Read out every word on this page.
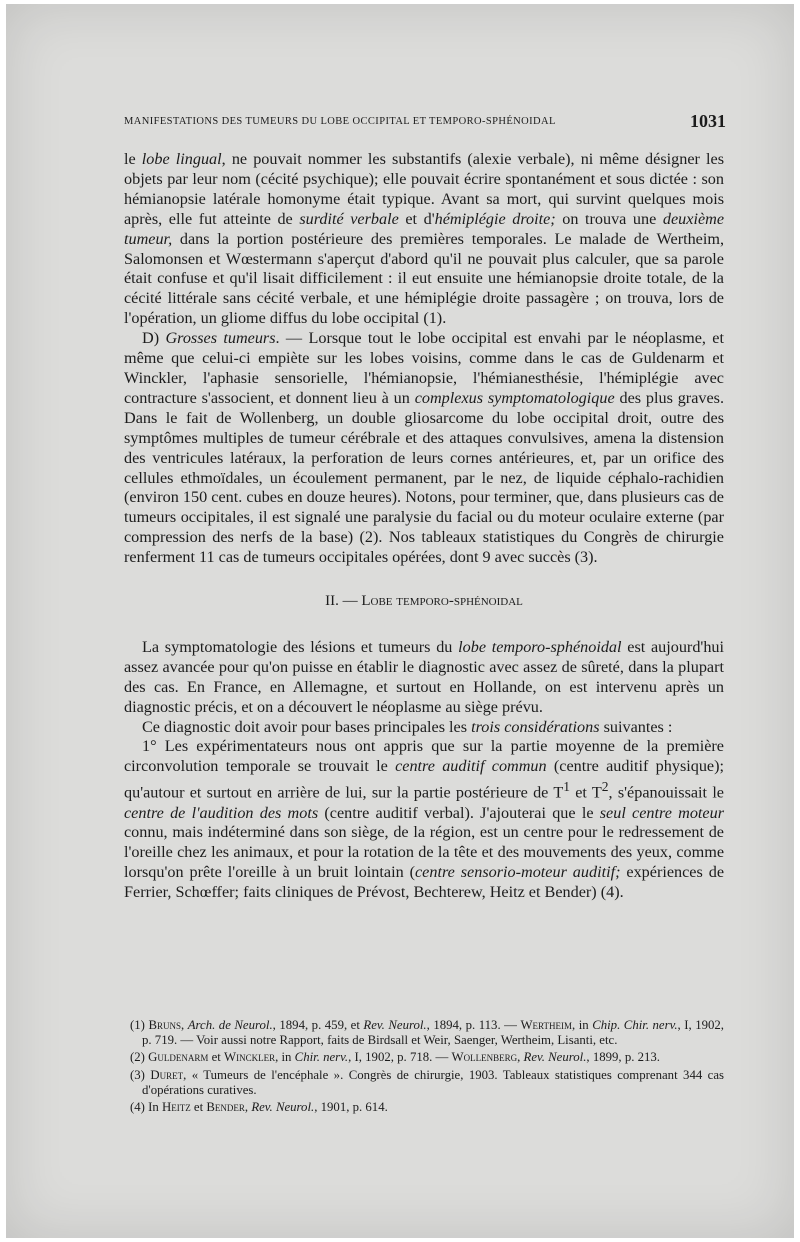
MANIFESTATIONS DES TUMEURS DU LOBE OCCIPITAL ET TEMPORO-SPHÉNOIDAL	1031

le lobe lingual, ne pouvait nommer les substantifs (alexie verbale), ni même désigner les objets par leur nom (cécité psychique); elle pouvait écrire spontanément et sous dictée : son hémianopsie latérale homonyme était typique. Avant sa mort, qui survint quelques mois après, elle fut atteinte de surdité verbale et d'hémiplégie droite; on trouva une deuxième tumeur, dans la portion postérieure des premières temporales. Le malade de Wertheim, Salomonsen et Wœstermann s'aperçut d'abord qu'il ne pouvait plus calculer, que sa parole était confuse et qu'il lisait difficilement : il eut ensuite une hémianopsie droite totale, de la cécité littérale sans cécité verbale, et une hémiplégie droite passagère ; on trouva, lors de l'opération, un gliome diffus du lobe occipital (1).

D) Grosses tumeurs. — Lorsque tout le lobe occipital est envahi par le néoplasme, et même que celui-ci empiète sur les lobes voisins, comme dans le cas de Guldenarm et Winckler, l'aphasie sensorielle, l'hémianopsie, l'hémianesthésie, l'hémiplégie avec contracture s'associent, et donnent lieu à un complexus symptomatologique des plus graves. Dans le fait de Wollenberg, un double gliosarcome du lobe occipital droit, outre des symptômes multiples de tumeur cérébrale et des attaques convulsives, amena la distension des ventricules latéraux, la perforation de leurs cornes antérieures, et, par un orifice des cellules ethmoïdales, un écoulement permanent, par le nez, de liquide céphalo-rachidien (environ 150 cent. cubes en douze heures). Notons, pour terminer, que, dans plusieurs cas de tumeurs occipitales, il est signalé une paralysie du facial ou du moteur oculaire externe (par compression des nerfs de la base) (2). Nos tableaux statistiques du Congrès de chirurgie renferment 11 cas de tumeurs occipitales opérées, dont 9 avec succès (3).

II. — Lobe temporo-sphénoidal

La symptomatologie des lésions et tumeurs du lobe temporo-sphénoidal est aujourd'hui assez avancée pour qu'on puisse en établir le diagnostic avec assez de sûreté, dans la plupart des cas. En France, en Allemagne, et surtout en Hollande, on est intervenu après un diagnostic précis, et on a découvert le néoplasme au siège prévu.

Ce diagnostic doit avoir pour bases principales les trois considérations suivantes :

1° Les expérimentateurs nous ont appris que sur la partie moyenne de la première circonvolution temporale se trouvait le centre auditif commun (centre auditif physique); qu'autour et surtout en arrière de lui, sur la partie postérieure de $T^1$ et $T^2$, s'épanouissait le centre de l'audition des mots (centre auditif verbal). J'ajouterai que le seul centre moteur connu, mais indéterminé dans son siège, de la région, est un centre pour le redressement de l'oreille chez les animaux, et pour la rotation de la tête et des mouvements des yeux, comme lorsqu'on prête l'oreille à un bruit lointain (centre sensorio-moteur auditif; expériences de Ferrier, Schœffer; faits cliniques de Prévost, Bechterew, Heitz et Bender) (4).

(1) Bruns, Arch. de Neurol., 1894, p. 459, et Rev. Neurol., 1894, p. 113. — Wertheim, in Chip. Chir. nerv., I, 1902, p. 719. — Voir aussi notre Rapport, faits de Birdsall et Weir, Saenger, Wertheim, Lisanti, etc.

(2) Guldenarm et Winckler, in Chir. nerv., I, 1902, p. 718. — Wollenberg, Rev. Neurol., 1899, p. 213.

(3) Duret, « Tumeurs de l'encéphale ». Congrès de chirurgie, 1903. Tableaux statistiques comprenant 344 cas d'opérations curatives.

(4) In Heitz et Bender, Rev. Neurol., 1901, p. 614.
